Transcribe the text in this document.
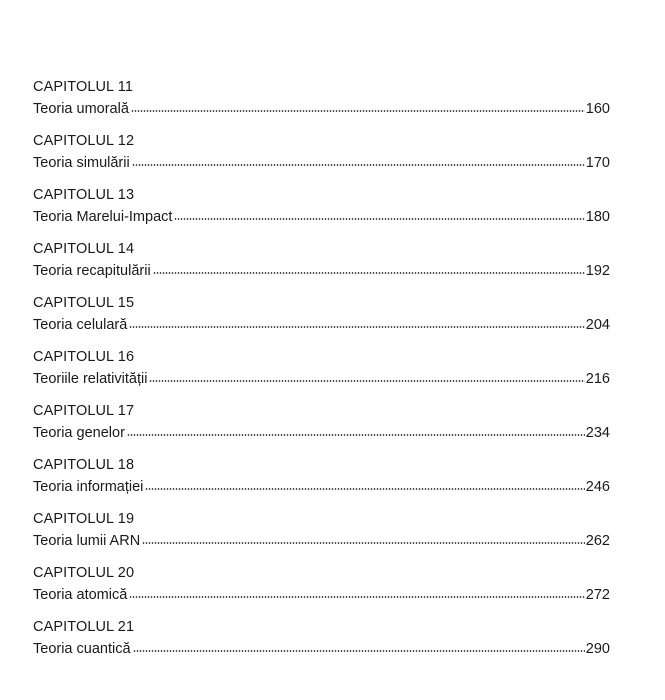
CAPITOLUL 11

Teoria umorală	160

CAPITOLUL 12

Teoria simulării	170

CAPITOLUL 13

Teoria Marelui-Impact	180

CAPITOLUL 14

Teoria recapitulării	192

CAPITOLUL 15

Teoria celulară	204

CAPITOLUL 16

Teoriile relativității	216

CAPITOLUL 17

Teoria genelor	234

CAPITOLUL 18

Teoria informației	246

CAPITOLUL 19

Teoria lumii ARN	262

CAPITOLUL 20

Teoria atomică	272

CAPITOLUL 21

Teoria cuantică	290
